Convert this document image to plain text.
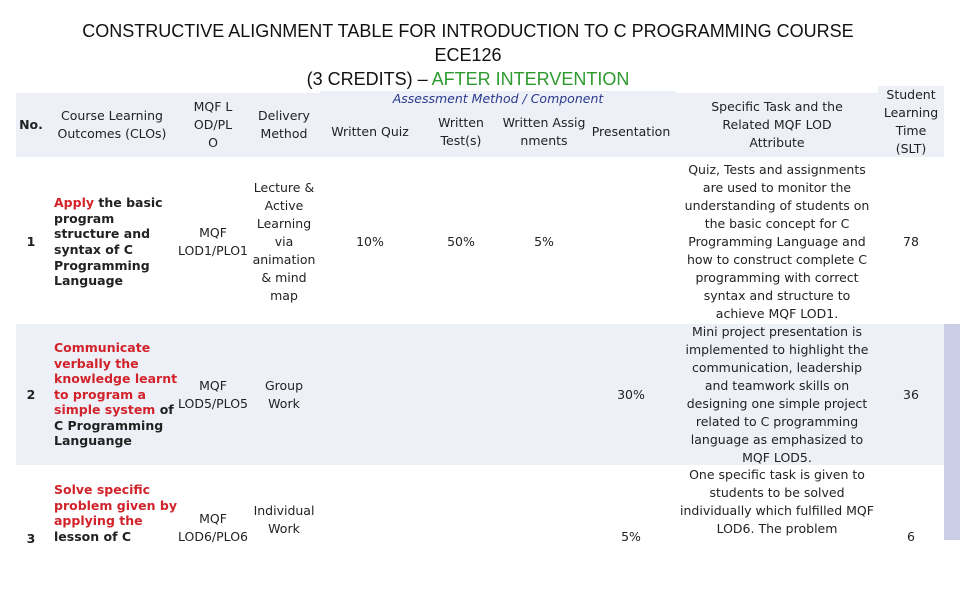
CONSTRUCTIVE ALIGNMENT TABLE FOR INTRODUCTION TO C PROGRAMMING COURSE
ECE126
(3 CREDITS) – AFTER INTERVENTION
No.
Course Learning Outcomes (CLOs)
MQF LOD/PLO
Delivery Method
Assessment Method / Component
Written Quiz
Written Test(s)
Written Assignments
Presentation
Specific Task and the Related MQF LOD Attribute
Student Learning Time (SLT)
1
Apply the basic program structure and syntax of C Programming Language
MQF LOD1/PLO1
Lecture & Active Learning via animation & mind map
10%	50%	5%
Quiz, Tests and assignments are used to monitor the understanding of students on the basic concept for C Programming Language and how to construct complete C programming with correct syntax and structure to achieve MQF LOD1.
78
2
Communicate verbally the knowledge learnt to program a simple system of C Programming Languange
MQF LOD5/PLO5
Group Work
30%
Mini project presentation is implemented to highlight the communication, leadership and teamwork skills on designing one simple project related to C programming language as emphasized to MQF LOD5.
36
3
Solve specific problem given by applying the lesson of C
MQF LOD6/PLO6
Individual Work
5%
One specific task is given to students to be solved individually which fulfilled MQF LOD6. The problem
6
